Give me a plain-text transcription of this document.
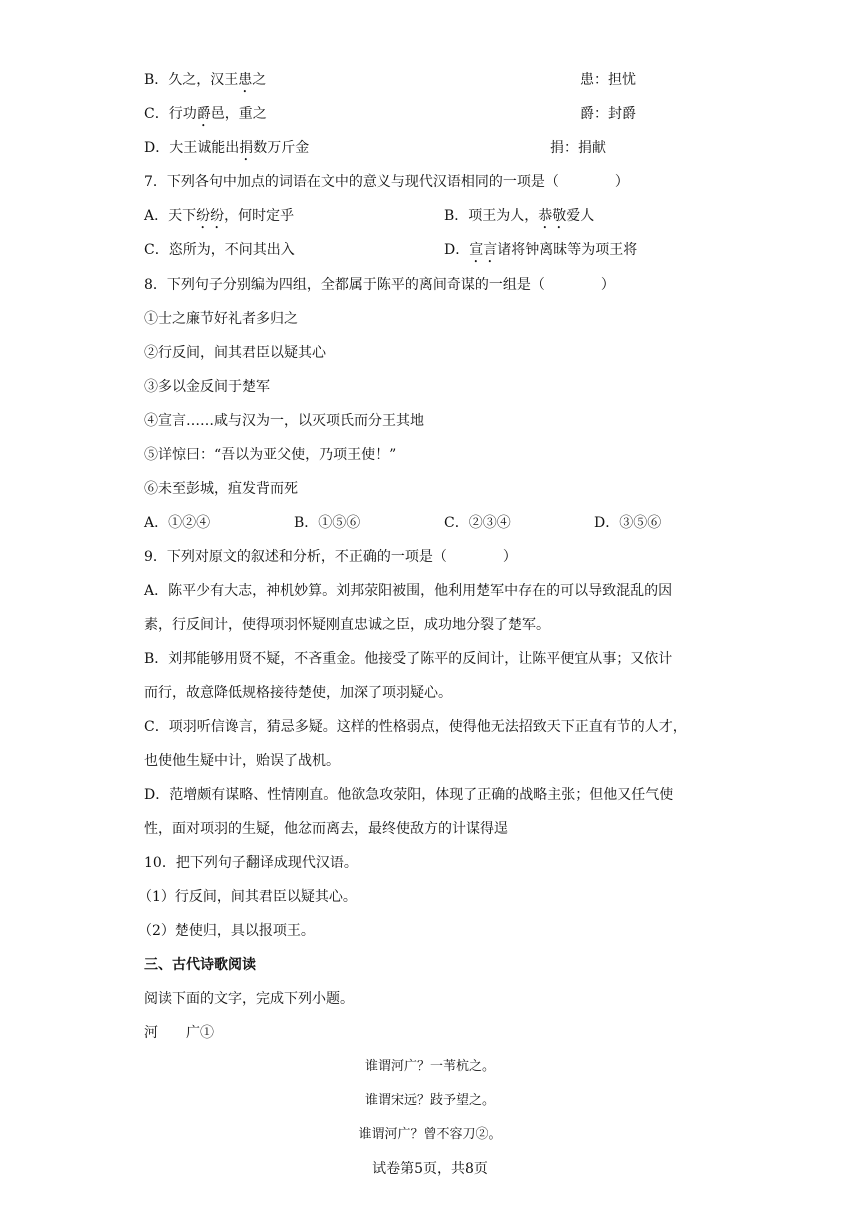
B．久之，汉王患之	患：担忧
C．行功爵邑，重之	爵：封爵
D．大王诚能出捐数万斤金	捐：捐献
7．下列各句中加点的词语在文中的意义与现代汉语相同的一项是（　　　　）
A．天下纷纷，何时定乎	B．项王为人，恭敬爱人
C．恣所为，不问其出入	D．宣言诸将钟离昧等为项王将
8．下列句子分别编为四组，全都属于陈平的离间奇谋的一组是（　　　　）
①士之廉节好礼者多归之
②行反间，间其君臣以疑其心
③多以金反间于楚军
④宣言……咸与汉为一，以灭项氏而分王其地
⑤详惊曰：“吾以为亚父使，乃项王使！”
⑥未至彭城，疽发背而死
A．①②④	B．①⑤⑥	C．②③④	D．③⑤⑥
9．下列对原文的叙述和分析，不正确的一项是（　　　　）
A．陈平少有大志，神机妙算。刘邦荥阳被围，他利用楚军中存在的可以导致混乱的因
素，行反间计，使得项羽怀疑刚直忠诚之臣，成功地分裂了楚军。
B．刘邦能够用贤不疑，不吝重金。他接受了陈平的反间计，让陈平便宜从事；又依计
而行，故意降低规格接待楚使，加深了项羽疑心。
C．项羽听信谗言，猜忌多疑。这样的性格弱点，使得他无法招致天下正直有节的人才，
也使他生疑中计，贻误了战机。
D．范增颇有谋略、性情刚直。他欲急攻荥阳，体现了正确的战略主张；但他又任气使
性，面对项羽的生疑，他忿而离去，最终使敌方的计谋得逞
10．把下列句子翻译成现代汉语。
（1）行反间，间其君臣以疑其心。
（2）楚使归，具以报项王。
三、古代诗歌阅读
阅读下面的文字，完成下列小题。
河　　广①
谁谓河广？一苇杭之。
谁谓宋远？跂予望之。
谁谓河广？曾不容刀②。
试卷第5页，共8页
